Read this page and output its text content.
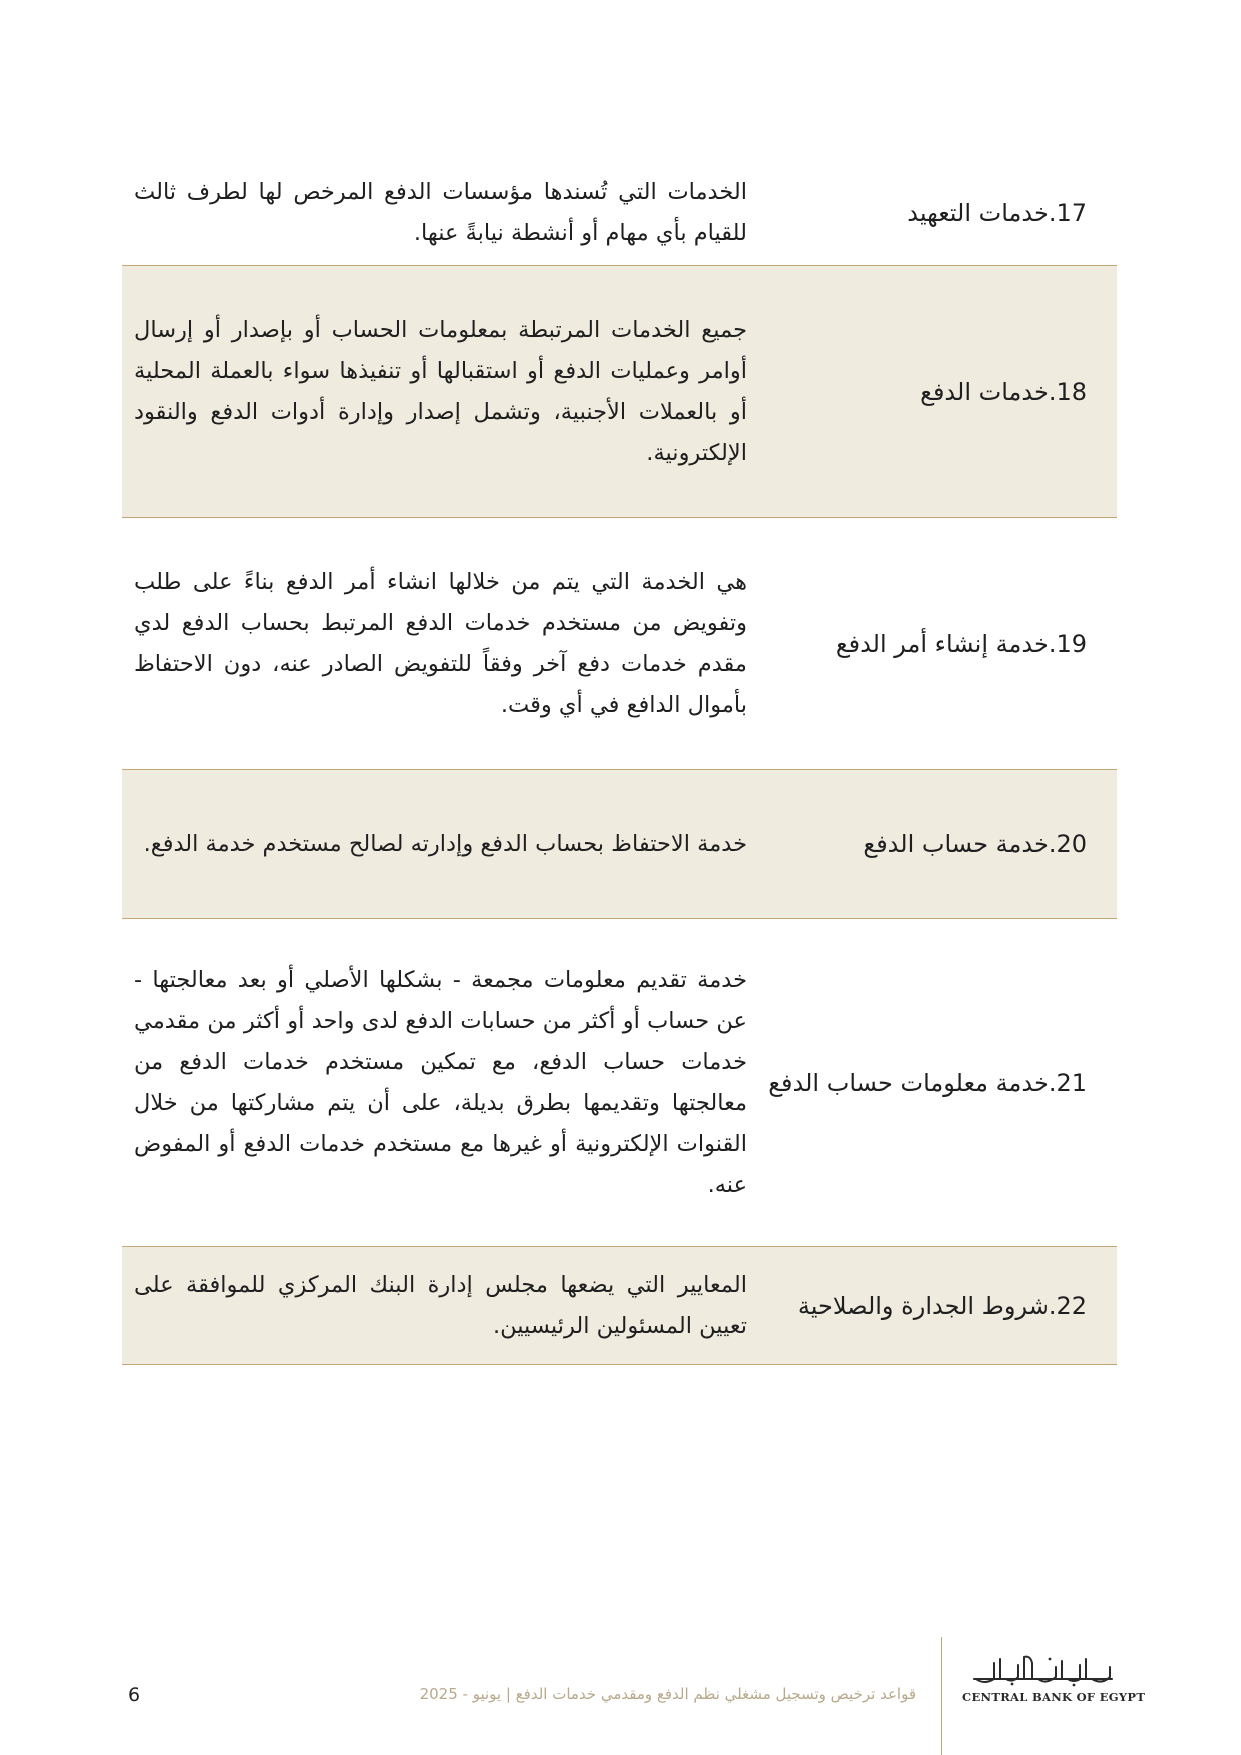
17.خدمات التعهيد
الخدمات التي تُسندها مؤسسات الدفع المرخص لها لطرف ثالث للقيام بأي مهام أو أنشطة نيابةً عنها.
18.خدمات الدفع
جميع الخدمات المرتبطة بمعلومات الحساب أو بإصدار أو إرسال أوامر وعمليات الدفع أو استقبالها أو تنفيذها سواء بالعملة المحلية أو بالعملات الأجنبية، وتشمل إصدار وإدارة أدوات الدفع والنقود الإلكترونية.
19.خدمة إنشاء أمر الدفع
هي الخدمة التي يتم من خلالها انشاء أمر الدفع بناءً على طلب وتفويض من مستخدم خدمات الدفع المرتبط بحساب الدفع لدي مقدم خدمات دفع آخر وفقاً للتفويض الصادر عنه، دون الاحتفاظ بأموال الدافع في أي وقت.
20.خدمة حساب الدفع
خدمة الاحتفاظ بحساب الدفع وإدارته لصالح مستخدم خدمة الدفع.
21.خدمة معلومات حساب الدفع
خدمة تقديم معلومات مجمعة - بشكلها الأصلي أو بعد معالجتها - عن حساب أو أكثر من حسابات الدفع لدى واحد أو أكثر من مقدمي خدمات حساب الدفع، مع تمكين مستخدم خدمات الدفع من معالجتها وتقديمها بطرق بديلة، على أن يتم مشاركتها من خلال القنوات الإلكترونية أو غيرها مع مستخدم خدمات الدفع أو المفوض عنه.
22.شروط الجدارة والصلاحية
المعايير التي يضعها مجلس إدارة البنك المركزي للموافقة على تعيين المسئولين الرئيسيين.
CENTRAL BANK OF EGYPT
قواعد ترخيص وتسجيل مشغلي نظم الدفع ومقدمي خدمات الدفع | يونيو - 2025
6
